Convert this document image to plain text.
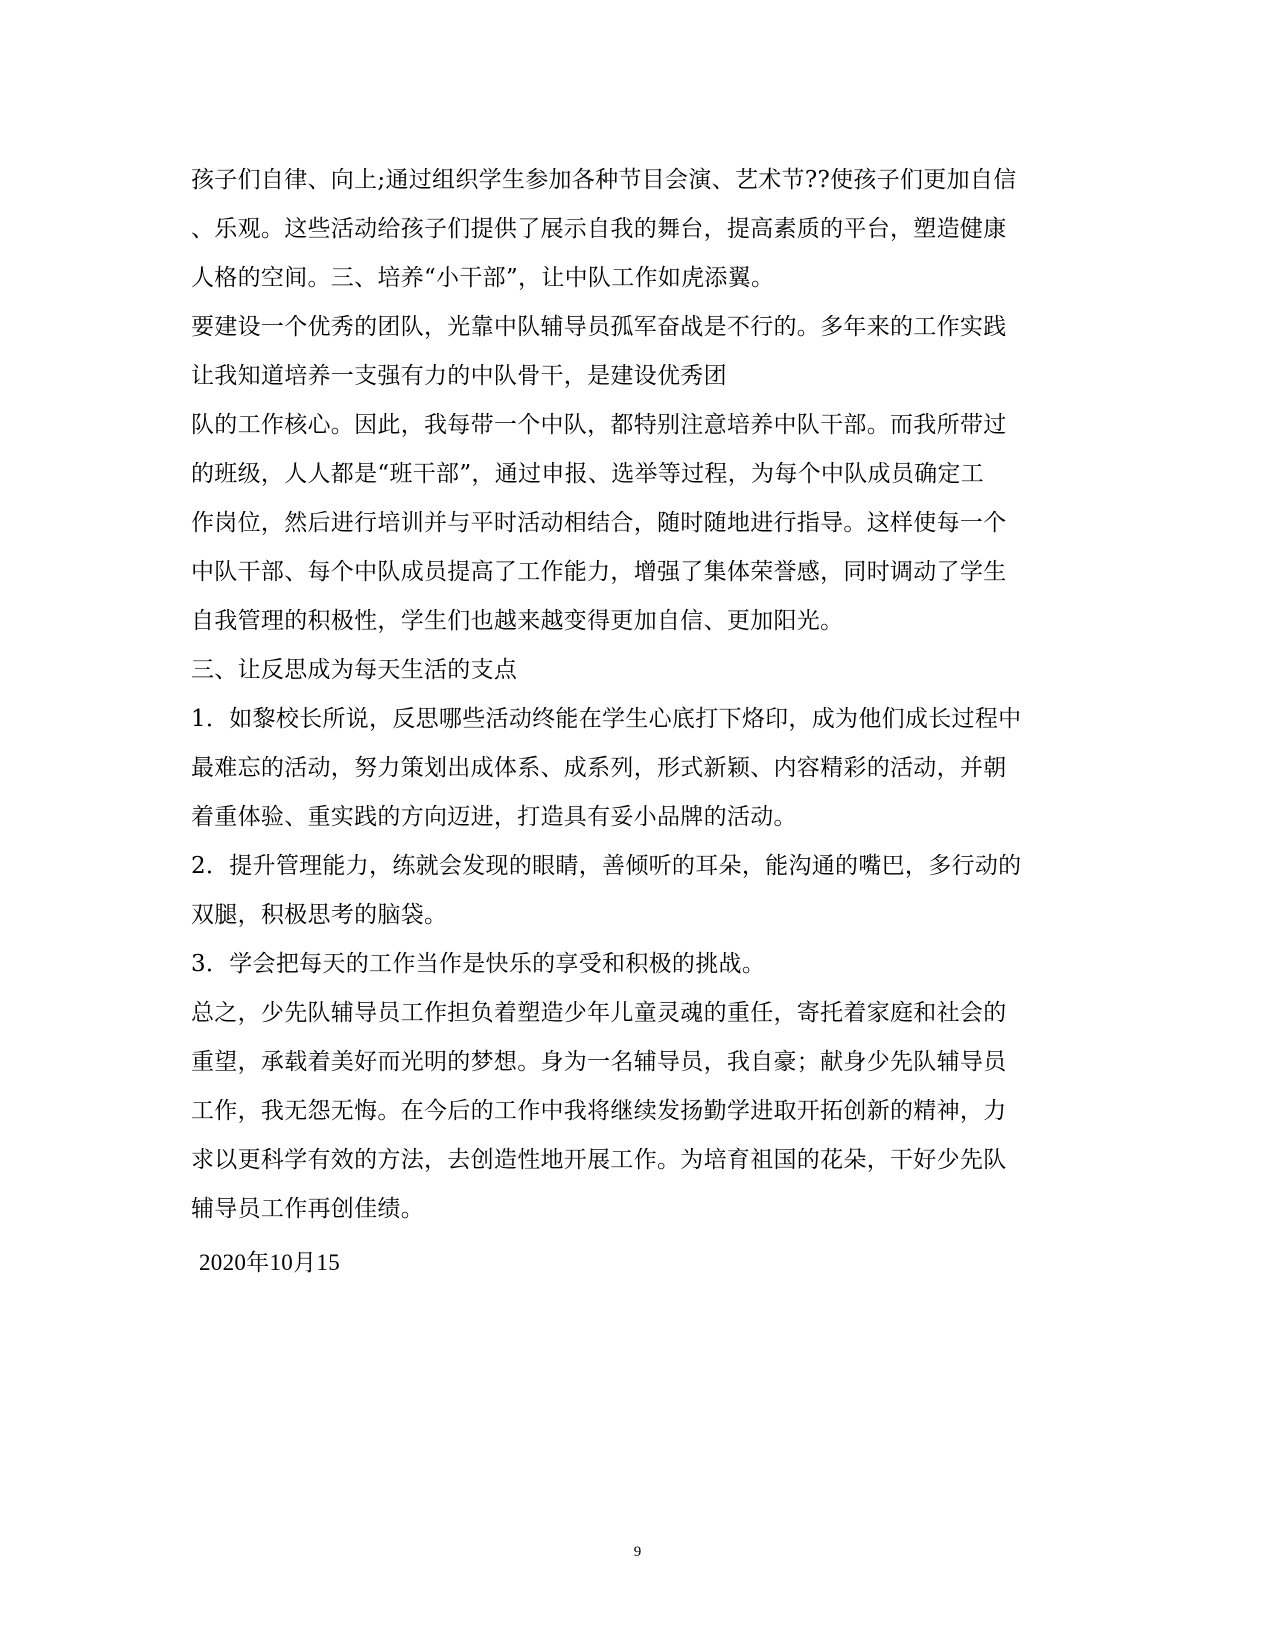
孩子们自律、向上;通过组织学生参加各种节目会演、艺术节??使孩子们更加自信
、乐观。这些活动给孩子们提供了展示自我的舞台，提高素质的平台，塑造健康
人格的空间。三、培养“小干部”，让中队工作如虎添翼。
要建设一个优秀的团队，光靠中队辅导员孤军奋战是不行的。多年来的工作实践
让我知道培养一支强有力的中队骨干，是建设优秀团
队的工作核心。因此，我每带一个中队，都特别注意培养中队干部。而我所带过
的班级，人人都是“班干部”，通过申报、选举等过程，为每个中队成员确定工
作岗位，然后进行培训并与平时活动相结合，随时随地进行指导。这样使每一个
中队干部、每个中队成员提高了工作能力，增强了集体荣誉感，同时调动了学生
自我管理的积极性，学生们也越来越变得更加自信、更加阳光。
三、让反思成为每天生活的支点
1．如黎校长所说，反思哪些活动终能在学生心底打下烙印，成为他们成长过程中
最难忘的活动，努力策划出成体系、成系列，形式新颖、内容精彩的活动，并朝
着重体验、重实践的方向迈进，打造具有妥小品牌的活动。
2．提升管理能力，练就会发现的眼睛，善倾听的耳朵，能沟通的嘴巴，多行动的
双腿，积极思考的脑袋。
3．学会把每天的工作当作是快乐的享受和积极的挑战。
总之，少先队辅导员工作担负着塑造少年儿童灵魂的重任，寄托着家庭和社会的
重望，承载着美好而光明的梦想。身为一名辅导员，我自豪；献身少先队辅导员
工作，我无怨无悔。在今后的工作中我将继续发扬勤学进取开拓创新的精神，力
求以更科学有效的方法，去创造性地开展工作。为培育祖国的花朵，干好少先队
辅导员工作再创佳绩。
2020年10月15
9
